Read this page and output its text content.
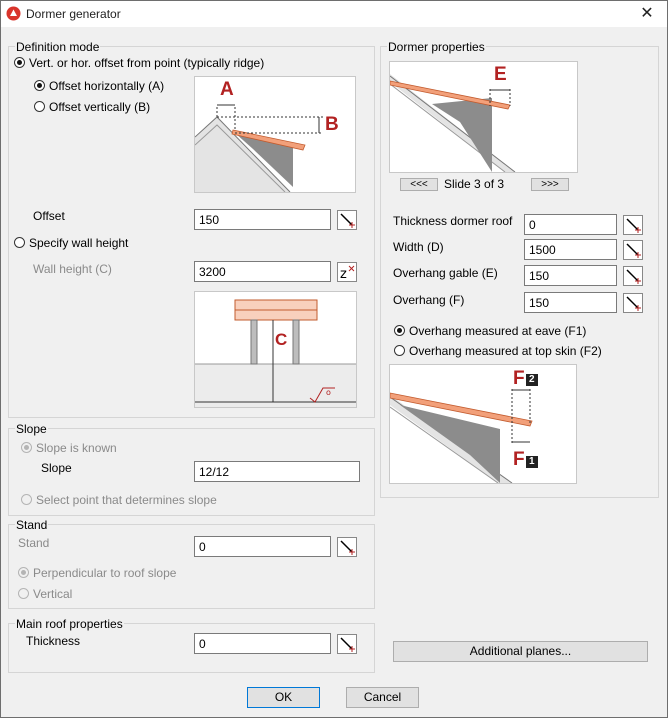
Dormer generator	✕
Definition mode
Vert. or hor. offset from point (typically ridge)
Offset horizontally (A)
Offset vertically (B)
A
B
Offset
150
Specify wall height
Wall height (C)
3200	z
o
C
Slope
Slope is known
Slope
12/12
Select point that determines slope
Stand
Stand
0
Perpendicular to roof slope
Vertical
Main roof properties
Thickness
0
Dormer properties
E
<<<	Slide 3 of 3	>>>
Thickness dormer roof
0
Width (D)
1500
Overhang gable (E)
150
Overhang (F)
150
Overhang measured at eave (F1)
Overhang measured at top skin (F2)
F 2
F 1
Additional planes...
OK	Cancel
